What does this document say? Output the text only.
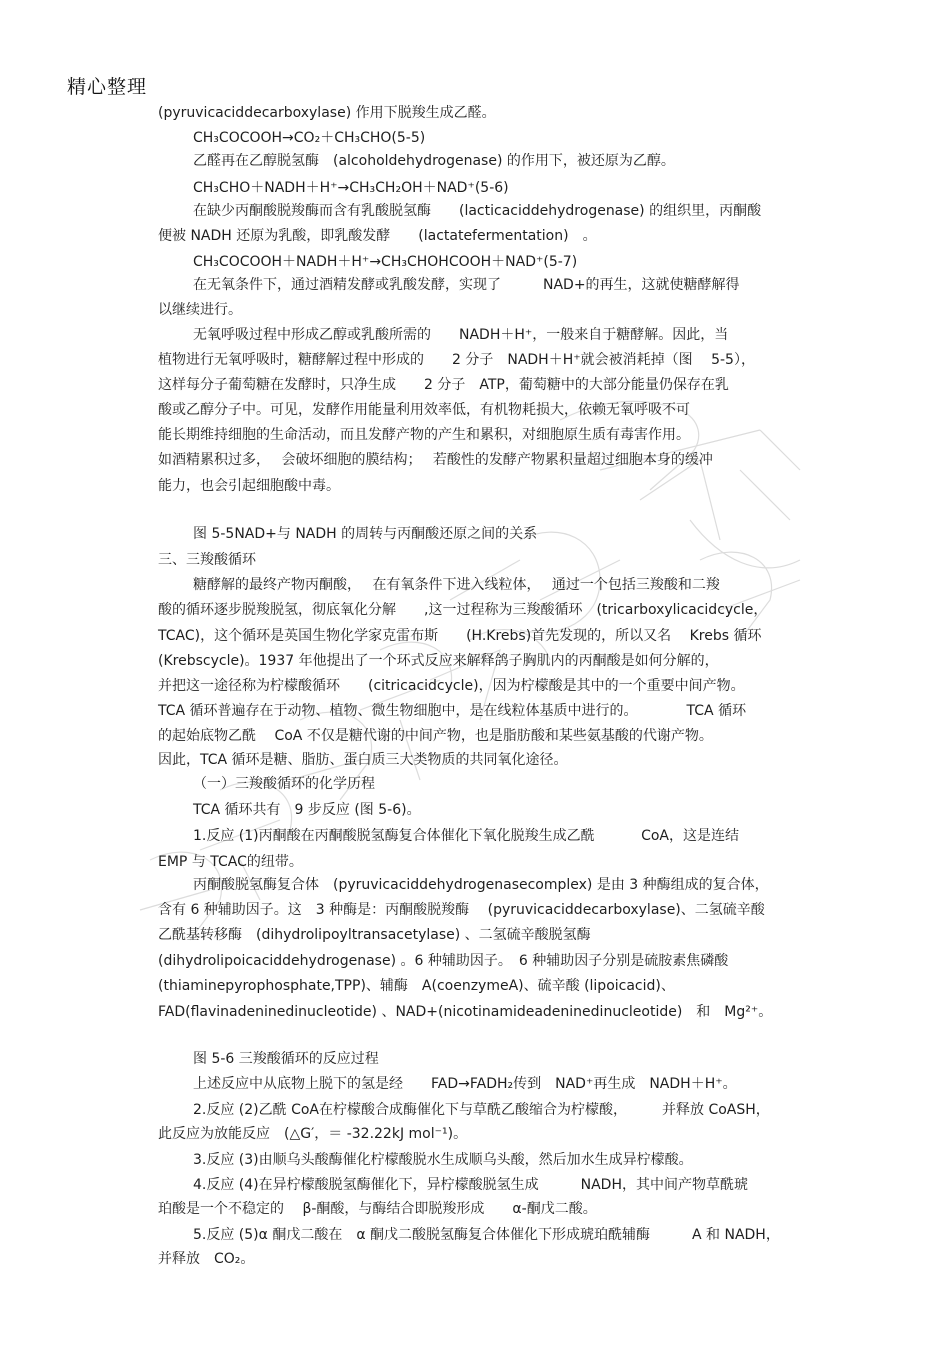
精心整理
(pyruvicaciddecarboxylase) 作用下脱羧生成乙醛。
CH₃COCOOH→CO₂＋CH₃CHO(5-5)
乙醛再在乙醇脱氢酶　(alcoholdehydrogenase) 的作用下，被还原为乙醇。
CH₃CHO＋NADH＋H⁺→CH₃CH₂OH＋NAD⁺(5-6)
在缺少丙酮酸脱羧酶而含有乳酸脱氢酶　　(lacticaciddehydrogenase) 的组织里，丙酮酸
便被 NADH 还原为乳酸，即乳酸发酵　　(lactatefermentation)　。
CH₃COCOOH＋NADH＋H⁺→CH₃CHOHCOOH＋NAD⁺(5-7)
在无氧条件下，通过酒精发酵或乳酸发酵，实现了　　　NAD+的再生，这就使糖酵解得
以继续进行。
无氧呼吸过程中形成乙醇或乳酸所需的　　NADH＋H⁺，一般来自于糖酵解。因此，当
植物进行无氧呼吸时，糖酵解过程中形成的　　2 分子　NADH＋H⁺就会被消耗掉（图　 5-5），
这样每分子葡萄糖在发酵时，只净生成　　2 分子　ATP，葡萄糖中的大部分能量仍保存在乳
酸或乙醇分子中。可见，发酵作用能量利用效率低，有机物耗损大，依赖无氧呼吸不可
能长期维持细胞的生命活动，而且发酵产物的产生和累积，对细胞原生质有毒害作用。
如酒精累积过多，　 会破坏细胞的膜结构；　 若酸性的发酵产物累积量超过细胞本身的缓冲
能力，也会引起细胞酸中毒。
图 5-5NAD+与 NADH 的周转与丙酮酸还原之间的关系
三、三羧酸循环
糖酵解的最终产物丙酮酸，　 在有氧条件下进入线粒体，　 通过一个包括三羧酸和二羧
酸的循环逐步脱羧脱氢，彻底氧化分解　　,这一过程称为三羧酸循环　(tricarboxylicacidcycle，
TCAC)，这个循环是英国生物化学家克雷布斯　　(H.Krebs)首先发现的，所以又名　 Krebs 循环
(Krebscycle)。1937 年他提出了一个环式反应来解释鸽子胸肌内的丙酮酸是如何分解的，
并把这一途径称为柠檬酸循环　　(citricacidcycle)，因为柠檬酸是其中的一个重要中间产物。
TCA 循环普遍存在于动物、植物、微生物细胞中，是在线粒体基质中进行的。　　　　TCA 循环
的起始底物乙酰　 CoA 不仅是糖代谢的中间产物，也是脂肪酸和某些氨基酸的代谢产物。
因此，TCA 循环是糖、脂肪、蛋白质三大类物质的共同氧化途径。
（一）三羧酸循环的化学历程
TCA 循环共有　9 步反应 (图 5-6)。
1.反应 (1)丙酮酸在丙酮酸脱氢酶复合体催化下氧化脱羧生成乙酰　　　 CoA，这是连结
EMP 与 TCAC的纽带。
丙酮酸脱氢酶复合体　(pyruvicaciddehydrogenasecomplex) 是由 3 种酶组成的复合体，
含有 6 种辅助因子。这　3 种酶是：丙酮酸脱羧酶　 (pyruvicaciddecarboxylase)、二氢硫辛酸
乙酰基转移酶　(dihydrolipoyltransacetylase) 、二氢硫辛酸脱氢酶
(dihydrolipoicaciddehydrogenase) 。6 种辅助因子。　6 种辅助因子分别是硫胺素焦磷酸
(thiaminepyrophosphate,TPP)、辅酶　A(coenzymeA)、硫辛酸 (lipoicacid)、
FAD(flavinadeninedinucleotide) 、NAD+(nicotinamideadeninedinucleotide)　和　Mg²⁺。
图 5-6 三羧酸循环的反应过程
上述反应中从底物上脱下的氢是经　　FAD→FADH₂传到　NAD⁺再生成　NADH＋H⁺。
2.反应 (2)乙酰 CoA在柠檬酸合成酶催化下与草酰乙酸缩合为柠檬酸，　　　并释放 CoASH，
此反应为放能反应　(△G′，＝ -32.22kJ mol⁻¹)。
3.反应 (3)由顺乌头酸酶催化柠檬酸脱水生成顺乌头酸，然后加水生成异柠檬酸。
4.反应 (4)在异柠檬酸脱氢酶催化下，异柠檬酸脱氢生成　　　NADH，其中间产物草酰琥
珀酸是一个不稳定的　 β-酮酸，与酶结合即脱羧形成　　α-酮戊二酸。
5.反应 (5)α 酮戊二酸在　α 酮戊二酸脱氢酶复合体催化下形成琥珀酰辅酶　　　A 和 NADH，
并释放　CO₂。
